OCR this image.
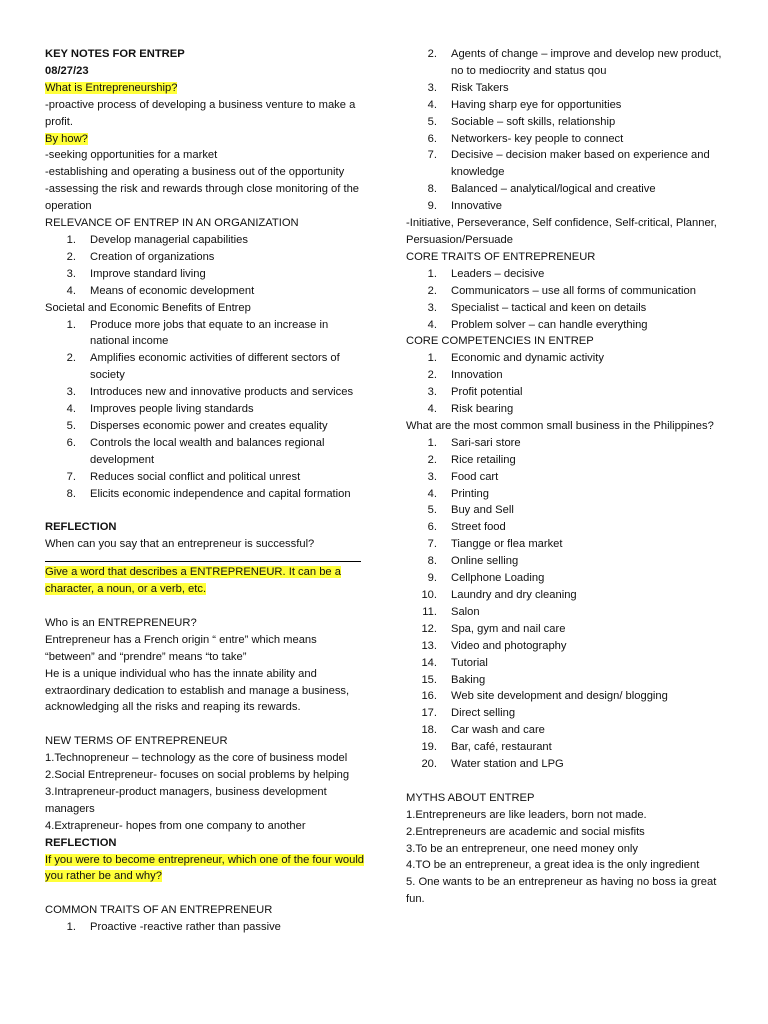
KEY NOTES FOR ENTREP
08/27/23
What is Entrepreneurship?
-proactive process of developing a business venture to make a profit.
By how?
-seeking opportunities for a market
-establishing and operating a business out of the opportunity
-assessing the risk and rewards through close monitoring of the operation
RELEVANCE OF ENTREP IN AN ORGANIZATION
1. Develop managerial capabilities
2. Creation of organizations
3. Improve standard living
4. Means of economic development
Societal and Economic Benefits of Entrep
1. Produce more jobs that equate to an increase in national income
2. Amplifies economic activities of different sectors of society
3. Introduces new and innovative products and services
4. Improves people living standards
5. Disperses economic power and creates equality
6. Controls the local wealth and balances regional development
7. Reduces social conflict and political unrest
8. Elicits economic independence and capital formation
REFLECTION
When can you say that an entrepreneur is successful?
Give a word that describes a ENTREPRENEUR. It can be a character, a noun, or a verb, etc.
Who is an ENTREPRENEUR?
Entrepreneur has a French origin “ entre” which means “between” and “prendre” means “to take”
He is a unique individual who has the innate ability and extraordinary dedication to establish and manage a business, acknowledging all the risks and reaping its rewards.
NEW TERMS OF ENTREPRENEUR
1.Technopreneur – technology as the core of business model
2.Social Entrepreneur- focuses on social problems by helping
3.Intrapreneur-product managers, business development managers
4.Extrapreneur- hopes from one company to another
REFLECTION
If you were to become entrepreneur, which one of the four would you rather be and why?
COMMON TRAITS OF AN ENTREPRENEUR
1. Proactive -reactive rather than passive
2. Agents of change – improve and develop new product, no to mediocrity and status qou
3. Risk Takers
4. Having sharp eye for opportunities
5. Sociable – soft skills, relationship
6. Networkers- key people to connect
7. Decisive – decision maker based on experience and knowledge
8. Balanced – analytical/logical and creative
9. Innovative
-Initiative, Perseverance, Self confidence, Self-critical, Planner, Persuasion/Persuade
CORE TRAITS OF ENTREPRENEUR
1. Leaders – decisive
2. Communicators – use all forms of communication
3. Specialist – tactical and keen on details
4. Problem solver – can handle everything
CORE COMPETENCIES IN ENTREP
1. Economic and dynamic activity
2. Innovation
3. Profit potential
4. Risk bearing
What are the most common small business in the Philippines?
1. Sari-sari store
2. Rice retailing
3. Food cart
4. Printing
5. Buy and Sell
6. Street food
7. Tiangge or flea market
8. Online selling
9. Cellphone Loading
10. Laundry and dry cleaning
11. Salon
12. Spa, gym and nail care
13. Video and photography
14. Tutorial
15. Baking
16. Web site development and design/ blogging
17. Direct selling
18. Car wash and care
19. Bar, café, restaurant
20. Water station and LPG
MYTHS ABOUT ENTREP
1.Entrepreneurs are like leaders, born not made.
2.Entrepreneurs are academic and social misfits
3.To be an entrepreneur, one need money only
4.TO be an entrepreneur, a great idea is the only ingredient
5. One wants to be an entrepreneur as having no boss ia great fun.
